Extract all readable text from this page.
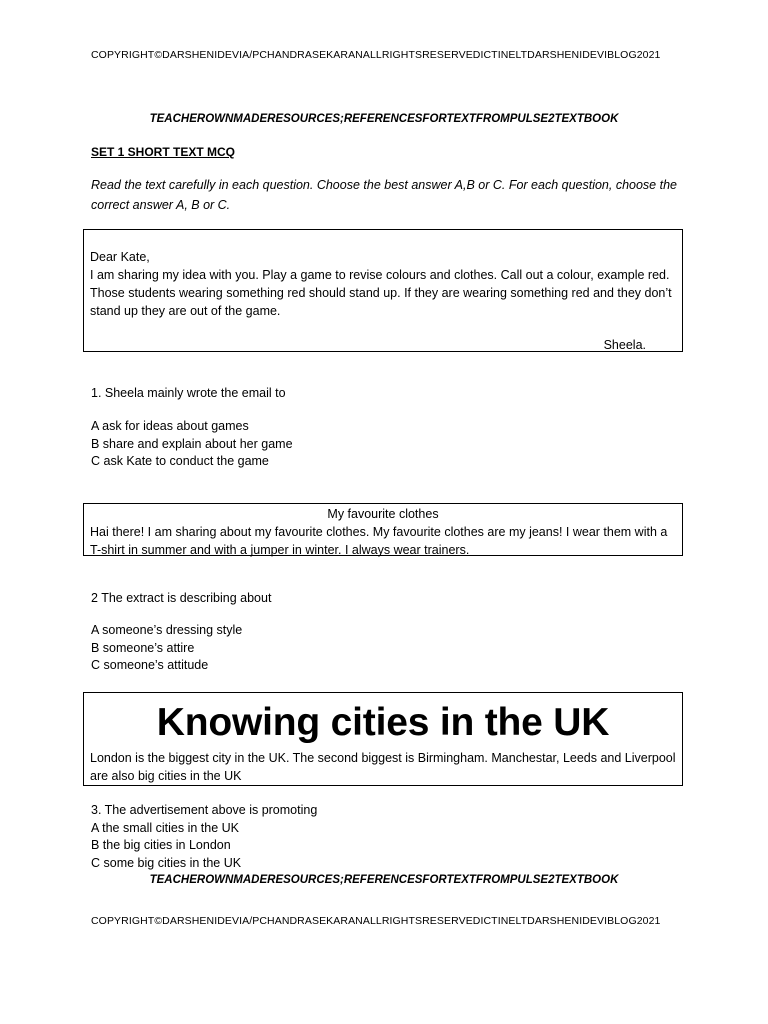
COPYRIGHT©DARSHENIDEVIA/PCHANDRASEKARANALLRIGHTSRESERVEDICTINELTDARSHENIDEVIBLOG2021
TEACHEROWNMADERESOURCES;REFERENCESFORTEXTFROMPULSE2TEXTBOOK
SET 1 SHORT TEXT MCQ
Read the text carefully in each question. Choose the best answer A,B or C. For each question, choose the correct answer A, B or C.

Dear Kate,

I am sharing my idea with you. Play a game to revise colours and clothes. Call out a colour, example red. Those students wearing something red should stand up. If they are wearing something red and they don’t stand up they are out of the game.

Sheela.

1. Sheela mainly wrote the email to
A ask for ideas about games
B share and explain about her game
C ask Kate to conduct the game

My favourite clothes

Hai there! I am sharing about my favourite clothes. My favourite clothes are my jeans! I wear them with a T-shirt in summer and with a jumper in winter. I always wear trainers.

2 The extract is describing about
A someone’s dressing style
B someone’s attire
C someone’s attitude

Knowing cities in the UK

London is the biggest city in the UK. The second biggest is Birmingham. Manchestar, Leeds and Liverpool are also big cities in the UK

3. The advertisement above is promoting
A the small cities in the UK
B the big cities in London
C some big cities in the UK
TEACHEROWNMADERESOURCES;REFERENCESFORTEXTFROMPULSE2TEXTBOOK
COPYRIGHT©DARSHENIDEVIA/PCHANDRASEKARANALLRIGHTSRESERVEDICTINELTDARSHENIDEVIBLOG2021
